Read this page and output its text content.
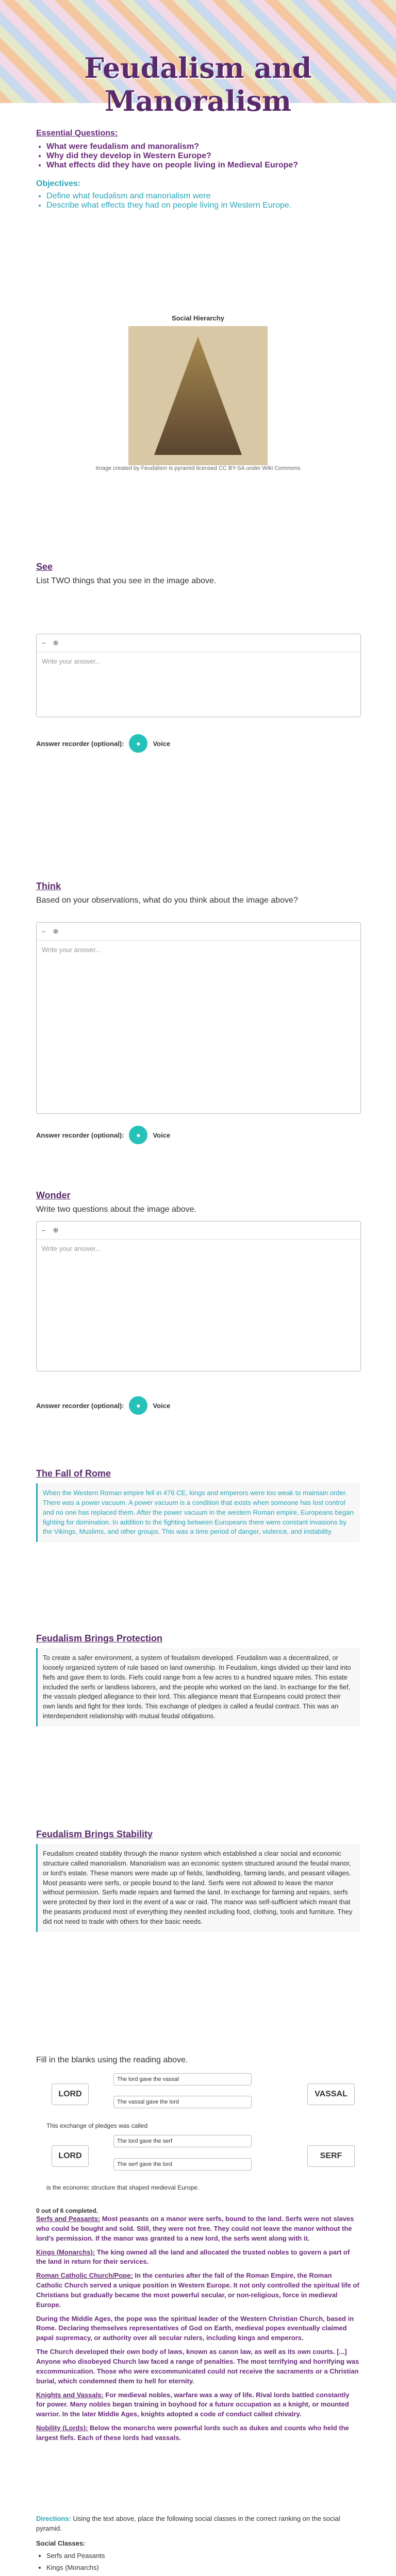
Feudalism and Manoralism
Essential Questions:
• What were feudalism and manoralism?
• Why did they develop in Western Europe?
• What effects did they have on people living in Medieval Europe?
Objectives:
• Define what feudalism and manorialism were
• Describe what effects they had on people living in Western Europe.
Social Hierarchy
Image created by Feudalism is pyramid licensed CC BY-SA under Wiki Commons
See
List TWO things that you see in the image above.
− ⊕
Write your answer...
Answer recorder (optional):	●	Voice
Think
Based on your observations, what do you think about the image above?
− ⊕
Write your answer...
Answer recorder (optional):	●	Voice
Wonder
Write two questions about the image above.
− ⊕
Write your answer...
Answer recorder (optional):	●	Voice
The Fall of Rome
When the Western Roman empire fell in 476 CE, kings and emperors were too weak to maintain order. There was a power vacuum. A power vacuum is a condition that exists when someone has lost control and no one has replaced them. After the power vacuum in the western Roman empire, Europeans began fighting for domination. In addition to the fighting between Europeans there were constant invasions by the Vikings, Muslims, and other groups. This was a time period of danger, violence, and instability.
Feudalism Brings Protection
To create a safer environment, a system of feudalism developed. Feudalism was a decentralized, or loosely organized system of rule based on land ownership. In Feudalism, kings divided up their land into fiefs and gave them to lords. Fiefs could range from a few acres to a hundred square miles. This estate included the serfs or landless laborers, and the people who worked on the land. In exchange for the fief, the vassals pledged allegiance to their lord. This allegiance meant that Europeans could protect their own lands and fight for their lords. This exchange of pledges is called a feudal contract. This was an interdependent relationship with mutual feudal obligations.
Feudalism Brings Stability
Feudalism created stability through the manor system which established a clear social and economic structure called manorialism. Manorialism was an economic system structured around the feudal manor, or lord's estate. These manors were made up of fields, landholding, farming lands, and peasant villages. Most peasants were serfs, or people bound to the land. Serfs were not allowed to leave the manor without permission. Serfs made repairs and farmed the land. In exchange for farming and repairs, serfs were protected by their lord in the event of a war or raid. The manor was self-sufficient which meant that the peasants produced most of everything they needed including food, clothing, tools and furniture. They did not need to trade with others for their basic needs.
Fill in the blanks using the reading above.
LORD	VASSAL
The lord gave the vassal
The vassal gave the lord
This exchange of pledges was called
LORD	SERF
The lord gave the serf
The serf gave the lord
is the economic structure that shaped medieval Europe.
0 out of 6 completed.
Serfs and Peasants: Most peasants on a manor were serfs, bound to the land. Serfs were not slaves who could be bought and sold. Still, they were not free. They could not leave the manor without the lord's permission. If the manor was granted to a new lord, the serfs went along with it.
Kings (Monarchs): The king owned all the land and allocated the trusted nobles to govern a part of the land in return for their services.
Roman Catholic Church/Pope: In the centuries after the fall of the Roman Empire, the Roman Catholic Church served a unique position in Western Europe. It not only controlled the spiritual life of Christians but gradually became the most powerful secular, or non-religious, force in medieval Europe.
During the Middle Ages, the pope was the spiritual leader of the Western Christian Church, based in Rome. Declaring themselves representatives of God on Earth, medieval popes eventually claimed papal supremacy, or authority over all secular rulers, including kings and emperors.
The Church developed their own body of laws, known as canon law, as well as its own courts. [...] Anyone who disobeyed Church law faced a range of penalties. The most terrifying and horrifying was excommunication. Those who were excommunicated could not receive the sacraments or a Christian burial, which condemned them to hell for eternity.
Knights and Vassals: For medieval nobles, warfare was a way of life. Rival lords battled constantly for power. Many nobles began training in boyhood for a future occupation as a knight, or mounted warrior. In the later Middle Ages, knights adopted a code of conduct called chivalry.
Nobility (Lords): Below the monarchs were powerful lords such as dukes and counts who held the largest fiefs. Each of these lords had vassals.
Directions: Using the text above, place the following social classes in the correct ranking on the social pyramid.
Social Classes:
• Serfs and Peasants
• Kings (Monarchs)
•
